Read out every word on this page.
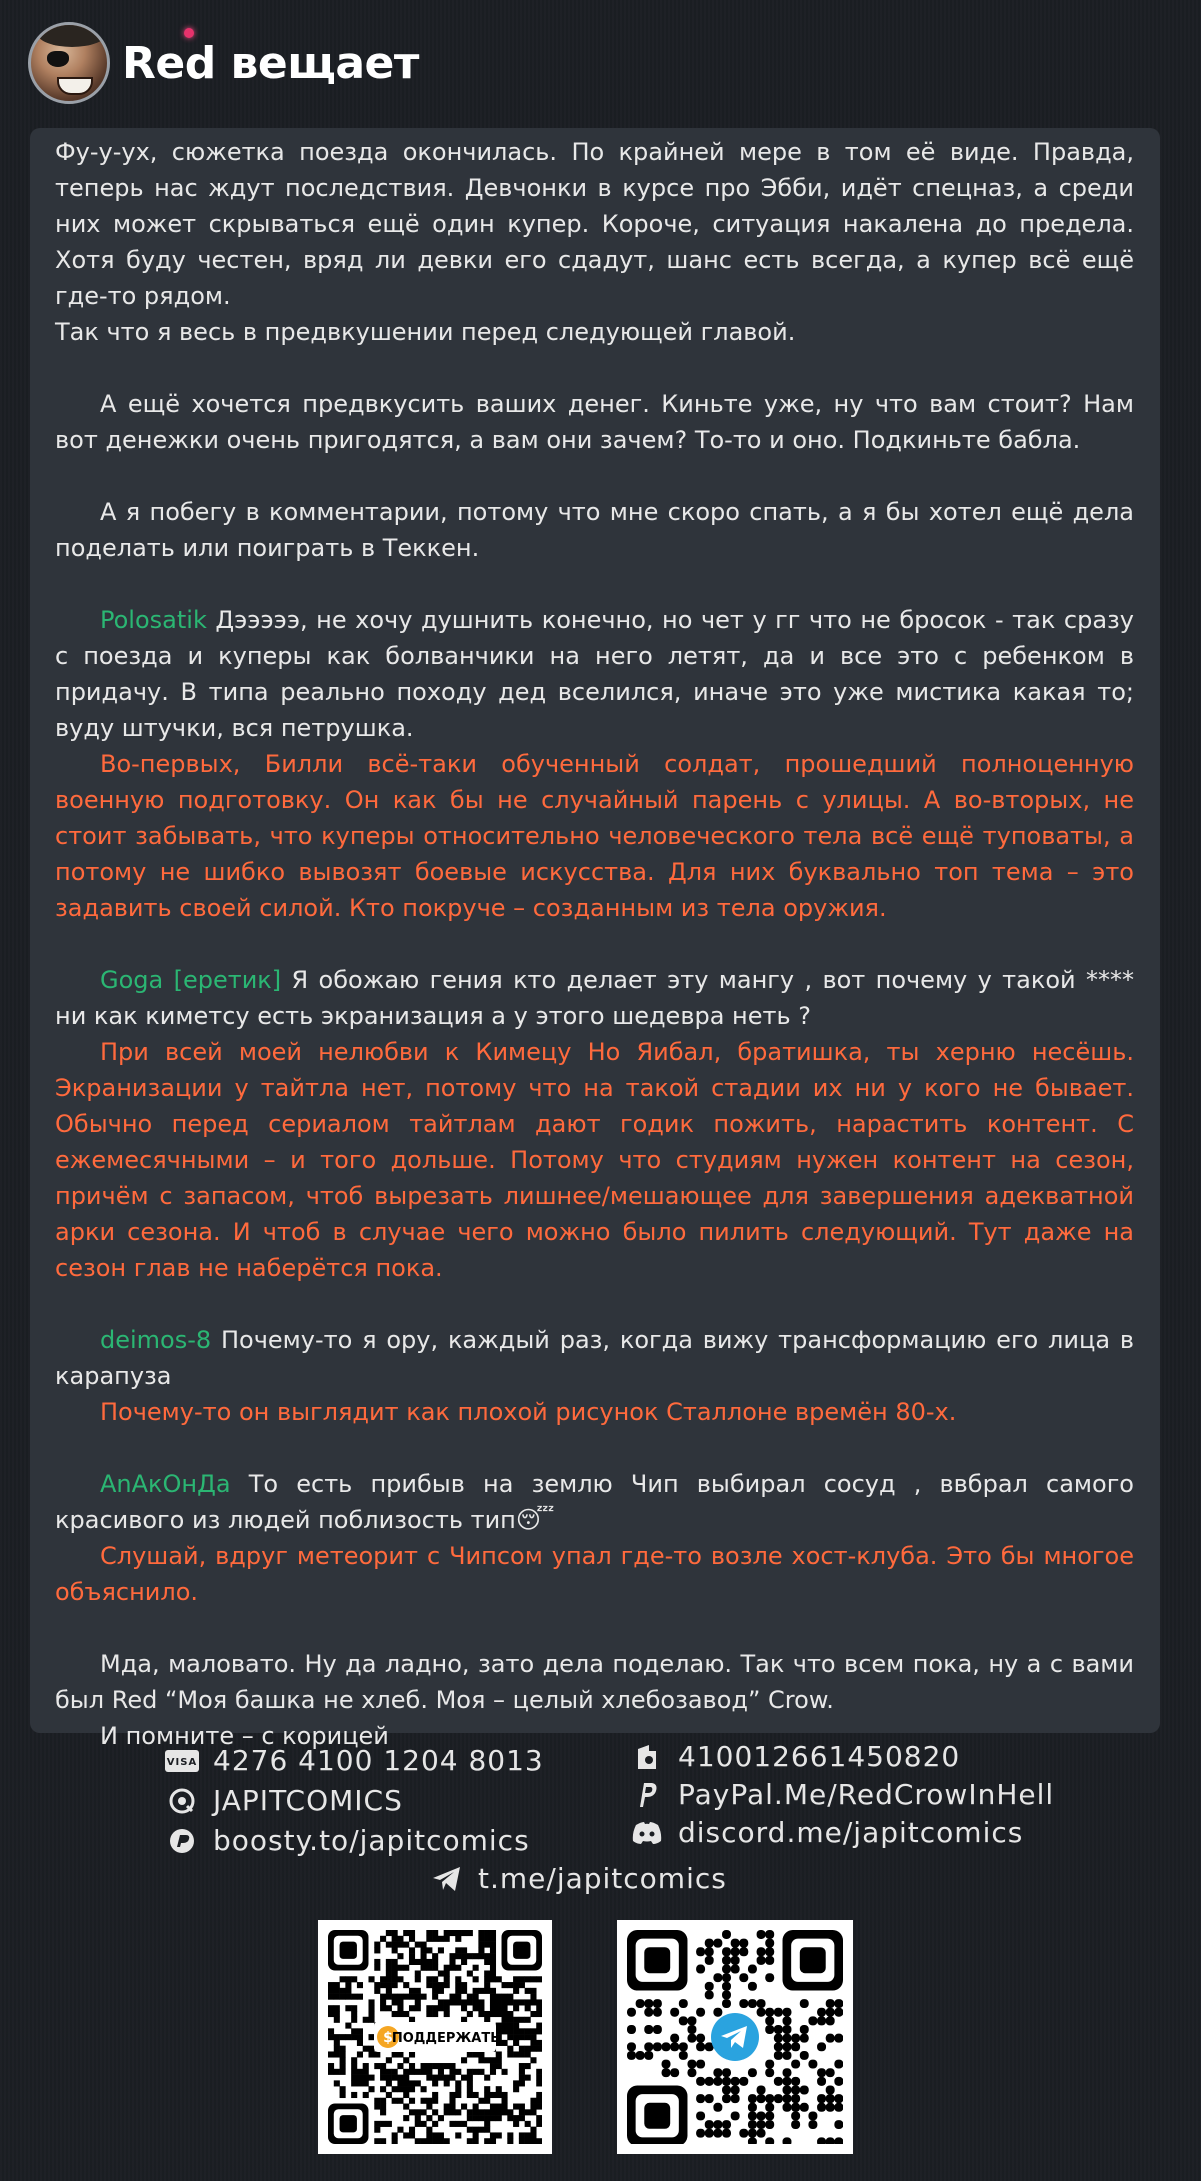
Red вещает

Фу-у-ух, сюжетка поезда окончилась. По крайней мере в том её виде. Правда, теперь нас ждут последствия. Девчонки в курсе про Эбби, идёт спецназ, а среди них может скрываться ещё один купер. Короче, ситуация накалена до предела. Хотя буду честен, вряд ли девки его сдадут, шанс есть всегда, а купер всё ещё где-то рядом.

Так что я весь в предвкушении перед следующей главой.

А ещё хочется предвкусить ваших денег. Киньте уже, ну что вам стоит? Нам вот денежки очень пригодятся, а вам они зачем? То-то и оно. Подкиньте бабла.

А я побегу в комментарии, потому что мне скоро спать, а я бы хотел ещё дела поделать или поиграть в Теккен.

Polosatik Дэээээ, не хочу душнить конечно, но чет у гг что не бросок - так сразу с поезда и куперы как болванчики на него летят, да и все это с ребенком в придачу. В типа реально походу дед вселился, иначе это уже мистика какая то; вуду штучки, вся петрушка.

Во-первых, Билли всё-таки обученный солдат, прошедший полноценную военную подготовку. Он как бы не случайный парень с улицы. А во-вторых, не стоит забывать, что куперы относительно человеческого тела всё ещё туповаты, а потому не шибко вывозят боевые искусства. Для них буквально топ тема – это задавить своей силой. Кто покруче – созданным из тела оружия.

Goga [еретик] Я обожаю гения кто делает эту мангу , вот почему у такой **** ни как киметсу есть экранизация а у этого шедевра неть ?

При всей моей нелюбви к Кимецу Но Яибал, братишка, ты херню несёшь. Экранизации у тайтла нет, потому что на такой стадии их ни у кого не бывает. Обычно перед сериалом тайтлам дают годик пожить, нарастить контент. С ежемесячными – и того дольше. Потому что студиям нужен контент на сезон, причём с запасом, чтоб вырезать лишнее/мешающее для завершения адекватной арки сезона. И чтоб в случае чего можно было пилить следующий. Тут даже на сезон глав не наберётся пока.

deimos-8 Почему-то я ору, каждый раз, когда вижу трансформацию его лица в карапуза

Почему-то он выглядит как плохой рисунок Сталлоне времён 80-х.

AnAкОнДа То есть прибыв на землю Чип выбирал сосуд , ввбрал самого красивого из людей поблизость тип😴

Слушай, вдруг метеорит с Чипсом упал где-то возле хост-клуба. Это бы многое объяснило.

Мда, маловато. Ну да ладно, зато дела поделаю. Так что всем пока, ну а с вами был Red “Моя башка не хлеб. Моя – целый хлебозавод” Crow.

И помните – с корицей

VISA 4276 4100 1204 8013
JAPITCOMICS
boosty.to/japitcomics
410012661450820
PayPal.Me/RedCrowInHell
discord.me/japitcomics
t.me/japitcomics
$ ПОДДЕРЖАТЬ
